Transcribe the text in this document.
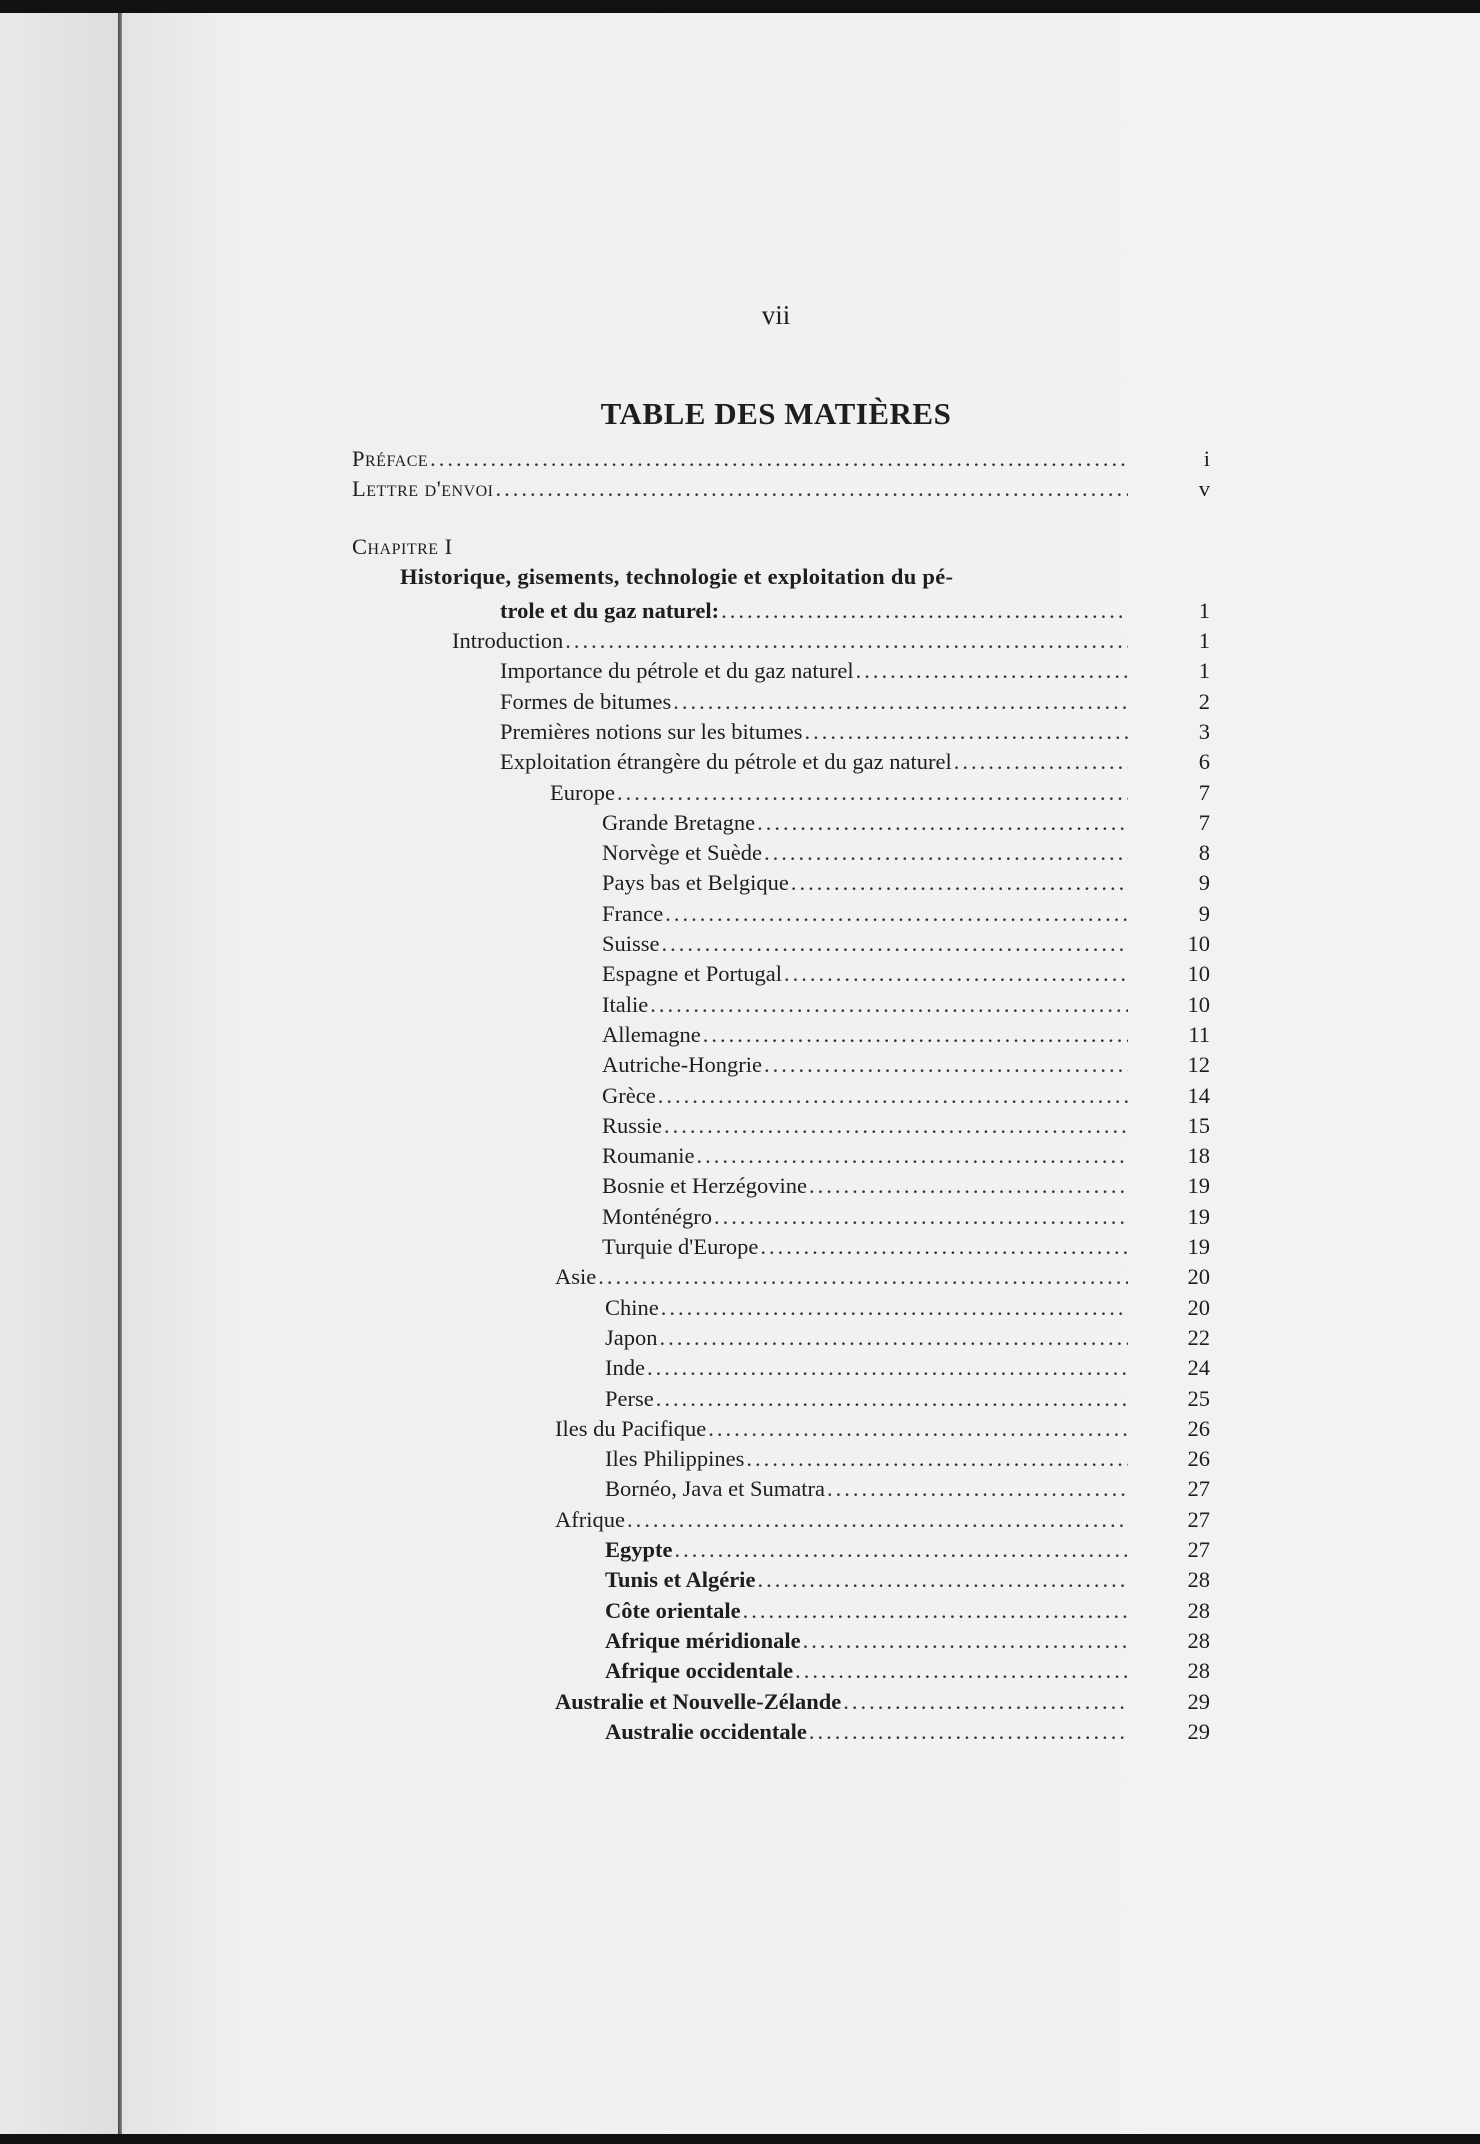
vii
TABLE DES MATIÈRES
Préface .....	i
Lettre d'envoi .....	v
Chapitre I
Historique, gisements, technologie et exploitation du pé-
trole et du gaz naturel: .....	1
Introduction .....	1
Importance du pétrole et du gaz naturel .....	1
Formes de bitumes .....	2
Premières notions sur les bitumes .....	3
Exploitation étrangère du pétrole et du gaz naturel .....	6
Europe .....	7
Grande Bretagne .....	7
Norvège et Suède .....	8
Pays bas et Belgique .....	9
France .....	9
Suisse .....	10
Espagne et Portugal .....	10
Italie .....	10
Allemagne .....	11
Autriche-Hongrie .....	12
Grèce .....	14
Russie .....	15
Roumanie .....	18
Bosnie et Herzégovine .....	19
Monténégro .....	19
Turquie d'Europe .....	19
Asie .....	20
Chine .....	20
Japon .....	22
Inde .....	24
Perse .....	25
Iles du Pacifique .....	26
Iles Philippines .....	26
Bornéo, Java et Sumatra .....	27
Afrique .....	27
Egypte .....	27
Tunis et Algérie .....	28
Côte orientale .....	28
Afrique méridionale .....	28
Afrique occidentale .....	28
Australie et Nouvelle-Zélande .....	29
Australie occidentale .....	29
